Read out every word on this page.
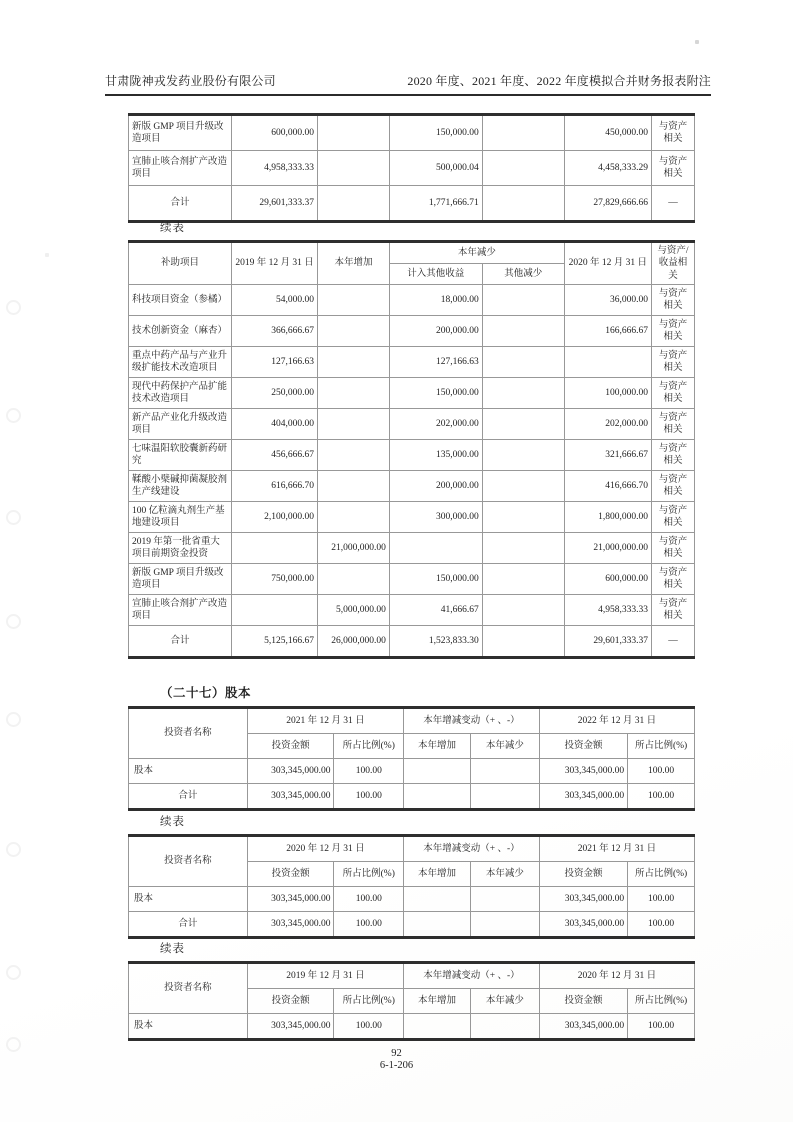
甘肃陇神戎发药业股份有限公司	2020 年度、2021 年度、2022 年度模拟合并财务报表附注
新版 GMP 项目升级改造项目	600,000.00		150,000.00		450,000.00	与资产相关
宣肺止咳合剂扩产改造项目	4,958,333.33		500,000.04		4,458,333.29	与资产相关
合计	29,601,333.37		1,771,666.71		27,829,666.66	—
续表
补助项目	2019 年 12 月 31 日	本年增加	本年减少		2020 年 12 月 31 日	与资产/收益相关
			计入其他收益	其他减少		
科技项目资金（参橘）	54,000.00		18,000.00		36,000.00	与资产相关
技术创新资金（麻杏）	366,666.67		200,000.00		166,666.67	与资产相关
重点中药产品与产业升级扩能技术改造项目	127,166.63		127,166.63			与资产相关
现代中药保护产品扩能技术改造项目	250,000.00		150,000.00		100,000.00	与资产相关
新产品产业化升级改造项目	404,000.00		202,000.00		202,000.00	与资产相关
七味温阳软胶囊新药研究	456,666.67		135,000.00		321,666.67	与资产相关
鞣酸小檗碱抑菌凝胶剂生产线建设	616,666.70		200,000.00		416,666.70	与资产相关
100 亿粒滴丸剂生产基地建设项目	2,100,000.00		300,000.00		1,800,000.00	与资产相关
2019 年第一批省重大项目前期资金投资		21,000,000.00			21,000,000.00	与资产相关
新版 GMP 项目升级改造项目	750,000.00		150,000.00		600,000.00	与资产相关
宣肺止咳合剂扩产改造项目		5,000,000.00	41,666.67		4,958,333.33	与资产相关
合计	5,125,166.67	26,000,000.00	1,523,833.30		29,601,333.37	—
（二十七）股本
投资者名称	2021 年 12 月 31 日		本年增减变动（+ 、-）		2022 年 12 月 31 日	
	投资金额	所占比例(%)	本年增加	本年减少	投资金额	所占比例(%)
股本	303,345,000.00	100.00			303,345,000.00	100.00
合计	303,345,000.00	100.00			303,345,000.00	100.00
续表
投资者名称	2020 年 12 月 31 日		本年增减变动（+ 、-）		2021 年 12 月 31 日	
	投资金额	所占比例(%)	本年增加	本年减少	投资金额	所占比例(%)
股本	303,345,000.00	100.00			303,345,000.00	100.00
合计	303,345,000.00	100.00			303,345,000.00	100.00
续表
投资者名称	2019 年 12 月 31 日		本年增减变动（+ 、-）		2020 年 12 月 31 日	
	投资金额	所占比例(%)	本年增加	本年减少	投资金额	所占比例(%)
股本	303,345,000.00	100.00			303,345,000.00	100.00
92
6-1-206
